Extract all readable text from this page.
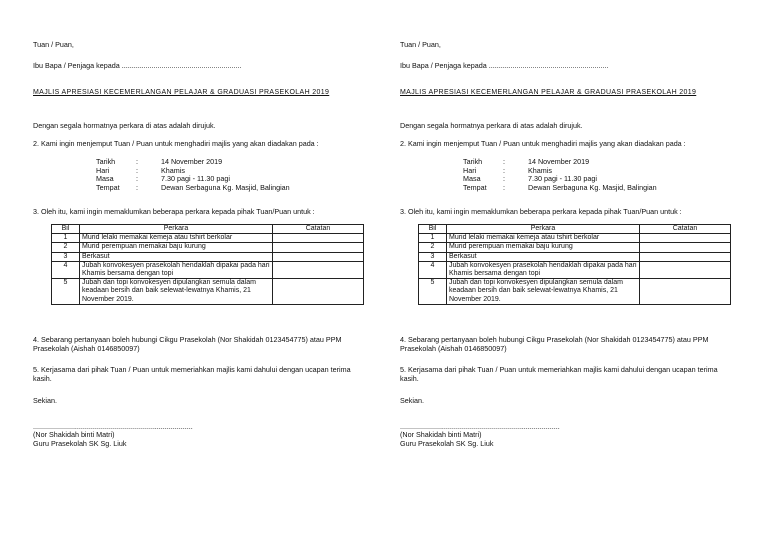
Tuan / Puan,
Ibu Bapa / Penjaga kepada ............................................................
MAJLIS APRESIASI KECEMERLANGAN PELAJAR & GRADUASI PRASEKOLAH 2019
Dengan segala hormatnya perkara di atas adalah dirujuk.
2. Kami ingin menjemput Tuan / Puan untuk menghadiri majlis yang akan diadakan pada :
Tarikh	:	14 November 2019
Hari	:	Khamis
Masa	:	7.30 pagi - 11.30 pagi
Tempat :	Dewan Serbaguna Kg. Masjid, Balingian
3. Oleh itu, kami ingin memaklumkan beberapa perkara kepada pihak Tuan/Puan untuk :
Bil	Perkara	Catatan
1	Murid lelaki memakai kemeja atau tshirt berkolar	
2	Murid perempuan memakai baju kurung	
3	Berkasut	
4	Jubah konvokesyen prasekolah hendaklah dipakai pada hari Khamis bersama dengan topi	
5	Jubah dan topi konvokesyen dipulangkan semula dalam keadaan bersih dan baik selewat-lewatnya Khamis, 21 November 2019.	
4. Sebarang pertanyaan boleh hubungi Cikgu Prasekolah (Nor Shakidah 0123454775) atau PPM Prasekolah (Aishah 0146850097)
5. Kerjasama dari pihak Tuan / Puan untuk memeriahkan majlis kami dahului dengan ucapan terima kasih.
Sekian.
................................................................................
(Nor Shakidah binti Matri)
Guru Prasekolah SK Sg. Liuk
Tuan / Puan,
Ibu Bapa / Penjaga kepada ............................................................
MAJLIS APRESIASI KECEMERLANGAN PELAJAR & GRADUASI PRASEKOLAH 2019
Dengan segala hormatnya perkara di atas adalah dirujuk.
2. Kami ingin menjemput Tuan / Puan untuk menghadiri majlis yang akan diadakan pada :
Tarikh	:	14 November 2019
Hari	:	Khamis
Masa	:	7.30 pagi - 11.30 pagi
Tempat :	Dewan Serbaguna Kg. Masjid, Balingian
3. Oleh itu, kami ingin memaklumkan beberapa perkara kepada pihak Tuan/Puan untuk :
Bil	Perkara	Catatan
1	Murid lelaki memakai kemeja atau tshirt berkolar	
2	Murid perempuan memakai baju kurung	
3	Berkasut	
4	Jubah konvokesyen prasekolah hendaklah dipakai pada hari Khamis bersama dengan topi	
5	Jubah dan topi konvokesyen dipulangkan semula dalam keadaan bersih dan baik selewat-lewatnya Khamis, 21 November 2019.	
4. Sebarang pertanyaan boleh hubungi Cikgu Prasekolah (Nor Shakidah 0123454775) atau PPM Prasekolah (Aishah 0146850097)
5. Kerjasama dari pihak Tuan / Puan untuk memeriahkan majlis kami dahului dengan ucapan terima kasih.
Sekian.
................................................................................
(Nor Shakidah binti Matri)
Guru Prasekolah SK Sg. Liuk
